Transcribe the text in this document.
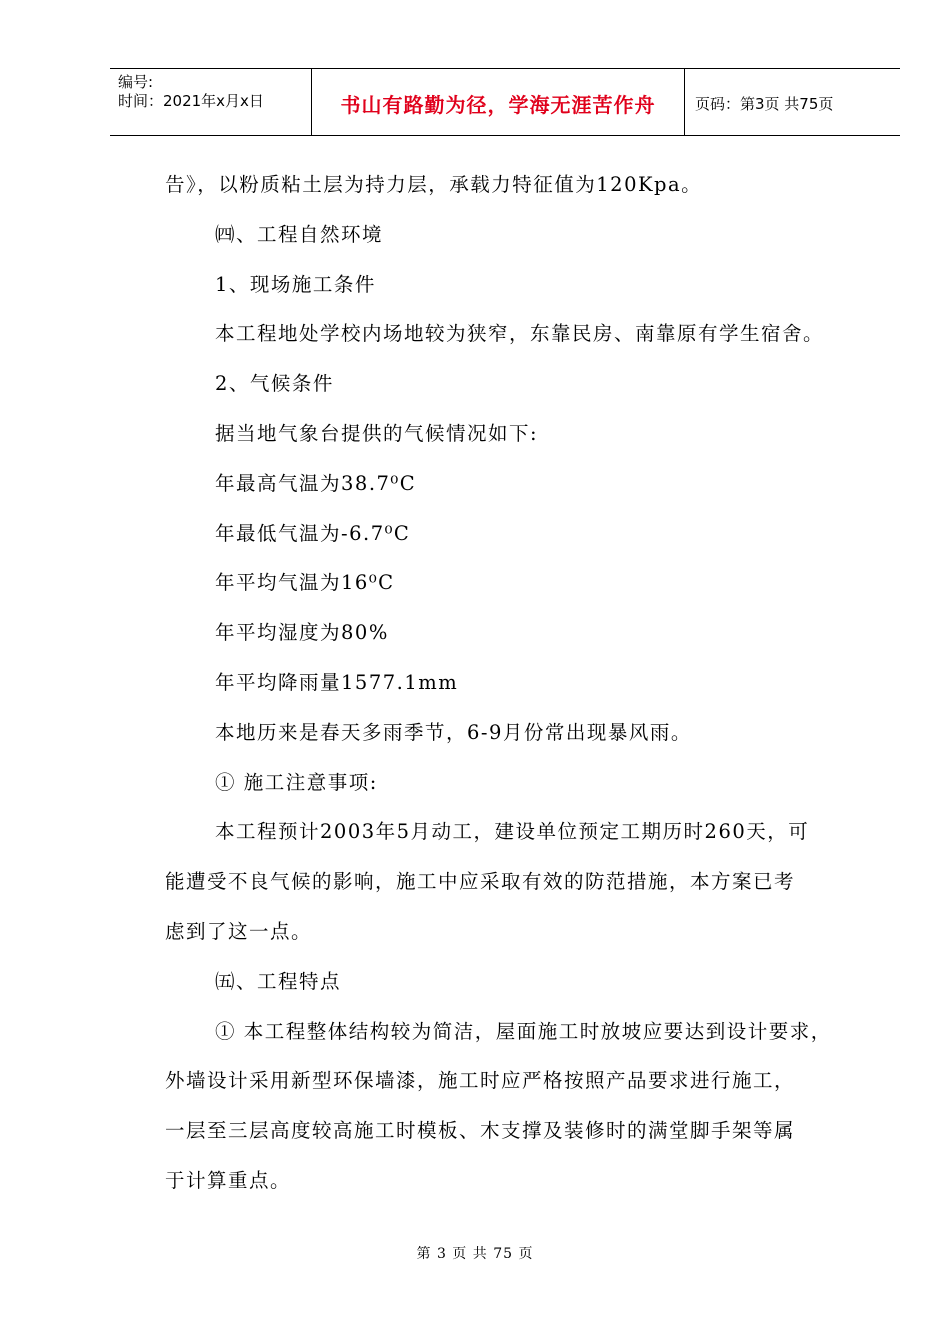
编号:
时间：2021年x月x日	书山有路勤为径，学海无涯苦作舟	页码：第3页 共75页
告》，以粉质粘土层为持力层，承载力特征值为120Kpa。
㈣、工程自然环境
1、现场施工条件
本工程地处学校内场地较为狭窄，东靠民房、南靠原有学生宿舍。
2、气候条件
据当地气象台提供的气候情况如下:
年最高气温为38.7⁰C
年最低气温为-6.7⁰C
年平均气温为16⁰C
年平均湿度为80%
年平均降雨量1577.1mm
本地历来是春天多雨季节，6-9月份常出现暴风雨。
① 施工注意事项:
本工程预计2003年5月动工，建设单位预定工期历时260天，可
能遭受不良气候的影响，施工中应采取有效的防范措施，本方案已考
虑到了这一点。
㈤、工程特点
① 本工程整体结构较为简洁，屋面施工时放坡应要达到设计要求，
外墙设计采用新型环保墙漆，施工时应严格按照产品要求进行施工，
一层至三层高度较高施工时模板、木支撑及装修时的满堂脚手架等属
于计算重点。
第 3 页 共 75 页
